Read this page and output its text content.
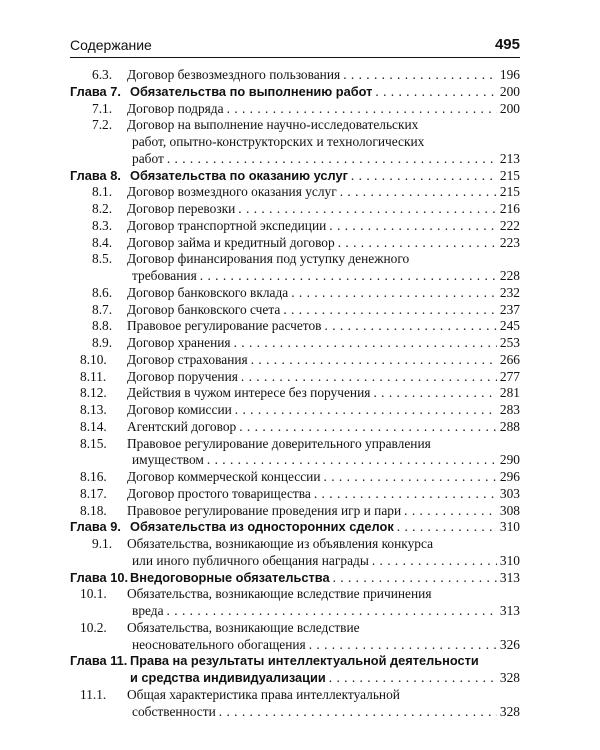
Содержание	495
6.3. Договор безвозмездного пользования . . .	196
Глава 7. Обязательства по выполнению работ . . .	200
7.1. Договор подряда . . .	200
7.2. Договор на выполнение научно-исследовательских
работ, опытно-конструкторских и технологических
работ . . .	213
Глава 8. Обязательства по оказанию услуг . . .	215
8.1. Договор возмездного оказания услуг . . .	215
8.2. Договор перевозки . . .	216
8.3. Договор транспортной экспедиции . . .	222
8.4. Договор займа и кредитный договор . . .	223
8.5. Договор финансирования под уступку денежного
требования . . .	228
8.6. Договор банковского вклада . . .	232
8.7. Договор банковского счета . . .	237
8.8. Правовое регулирование расчетов . . .	245
8.9. Договор хранения . . .	253
8.10. Договор страхования . . .	266
8.11. Договор поручения . . .	277
8.12. Действия в чужом интересе без поручения . . .	281
8.13. Договор комиссии . . .	283
8.14. Агентский договор . . .	288
8.15. Правовое регулирование доверительного управления
имуществом . . .	290
8.16. Договор коммерческой концессии . . .	296
8.17. Договор простого товарищества . . .	303
8.18. Правовое регулирование проведения игр и пари . . .	308
Глава 9. Обязательства из односторонних сделок . . .	310
9.1. Обязательства, возникающие из объявления конкурса
или иного публичного обещания награды . . .	310
Глава 10. Внедоговорные обязательства . . .	313
10.1. Обязательства, возникающие вследствие причинения
вреда . . .	313
10.2. Обязательства, возникающие вследствие
неосновательного обогащения . . .	326
Глава 11. Права на результаты интеллектуальной деятельности
и средства индивидуализации . . .	328
11.1. Общая характеристика права интеллектуальной
собственности . . .	328
